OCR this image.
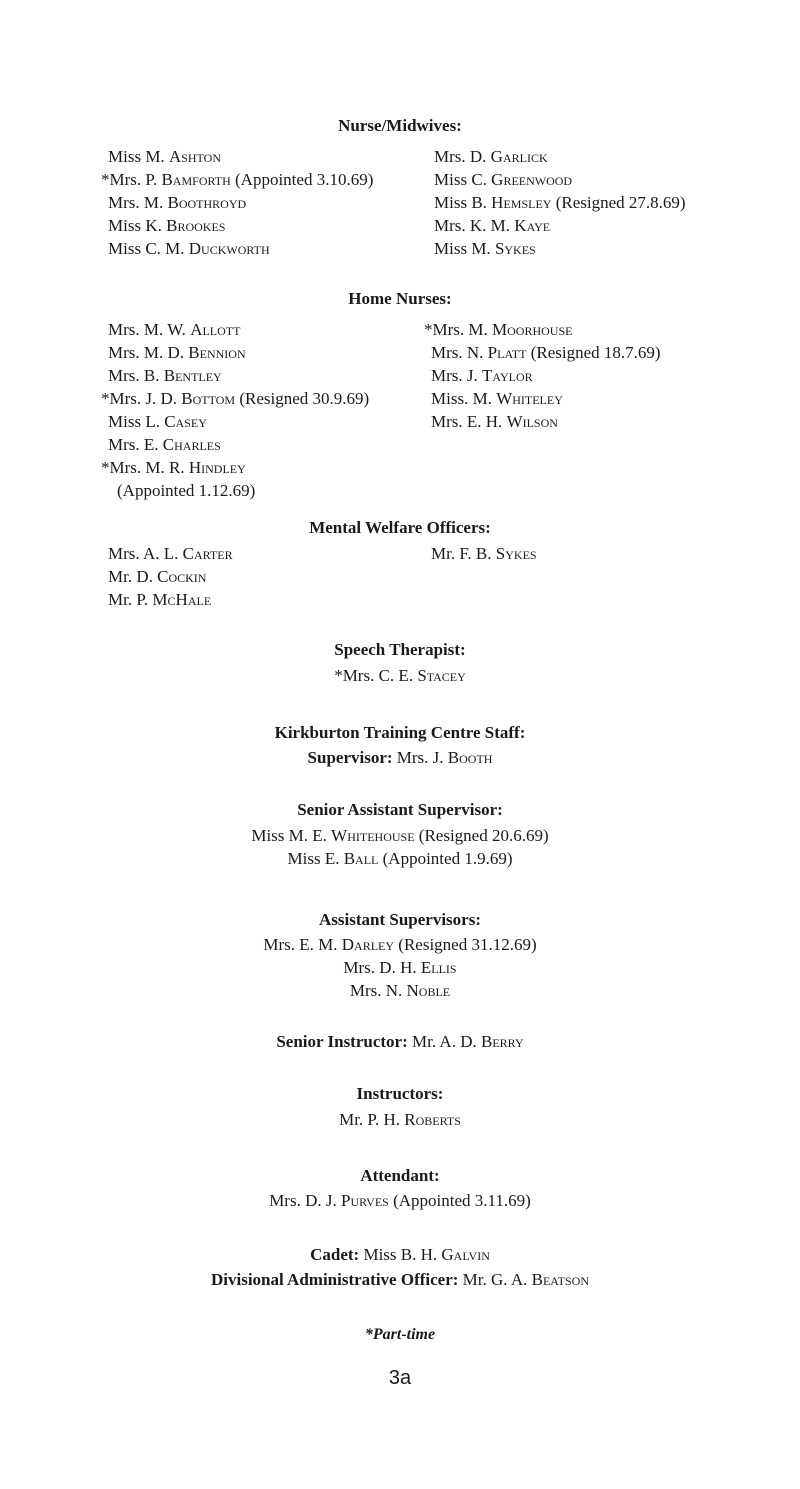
Nurse/Midwives:
Miss M. Ashton
*Mrs. P. Bamforth (Appointed 3.10.69)
Mrs. M. Boothroyd
Miss K. Brookes
Miss C. M. Duckworth
Mrs. D. Garlick
Miss C. Greenwood
Miss B. Hemsley (Resigned 27.8.69)
Mrs. K. M. Kaye
Miss M. Sykes
Home Nurses:
Mrs. M. W. Allott
Mrs. M. D. Bennion
Mrs. B. Bentley
*Mrs. J. D. Bottom (Resigned 30.9.69)
Miss L. Casey
Mrs. E. Charles
*Mrs. M. R. Hindley
(Appointed 1.12.69)
*Mrs. M. Moorhouse
Mrs. N. Platt (Resigned 18.7.69)
Mrs. J. Taylor
Miss. M. Whiteley
Mrs. E. H. Wilson
Mental Welfare Officers:
Mrs. A. L. Carter
Mr. D. Cockin
Mr. P. McHale
Mr. F. B. Sykes
Speech Therapist:
*Mrs. C. E. Stacey
Kirkburton Training Centre Staff:
Supervisor: Mrs. J. Booth
Senior Assistant Supervisor:
Miss M. E. Whitehouse (Resigned 20.6.69)
Miss E. Ball (Appointed 1.9.69)
Assistant Supervisors:
Mrs. E. M. Darley (Resigned 31.12.69)
Mrs. D. H. Ellis
Mrs. N. Noble
Senior Instructor: Mr. A. D. Berry
Instructors:
Mr. P. H. Roberts
Attendant:
Mrs. D. J. Purves (Appointed 3.11.69)
Cadet: Miss B. H. Galvin
Divisional Administrative Officer: Mr. G. A. Beatson
*Part-time
3a
